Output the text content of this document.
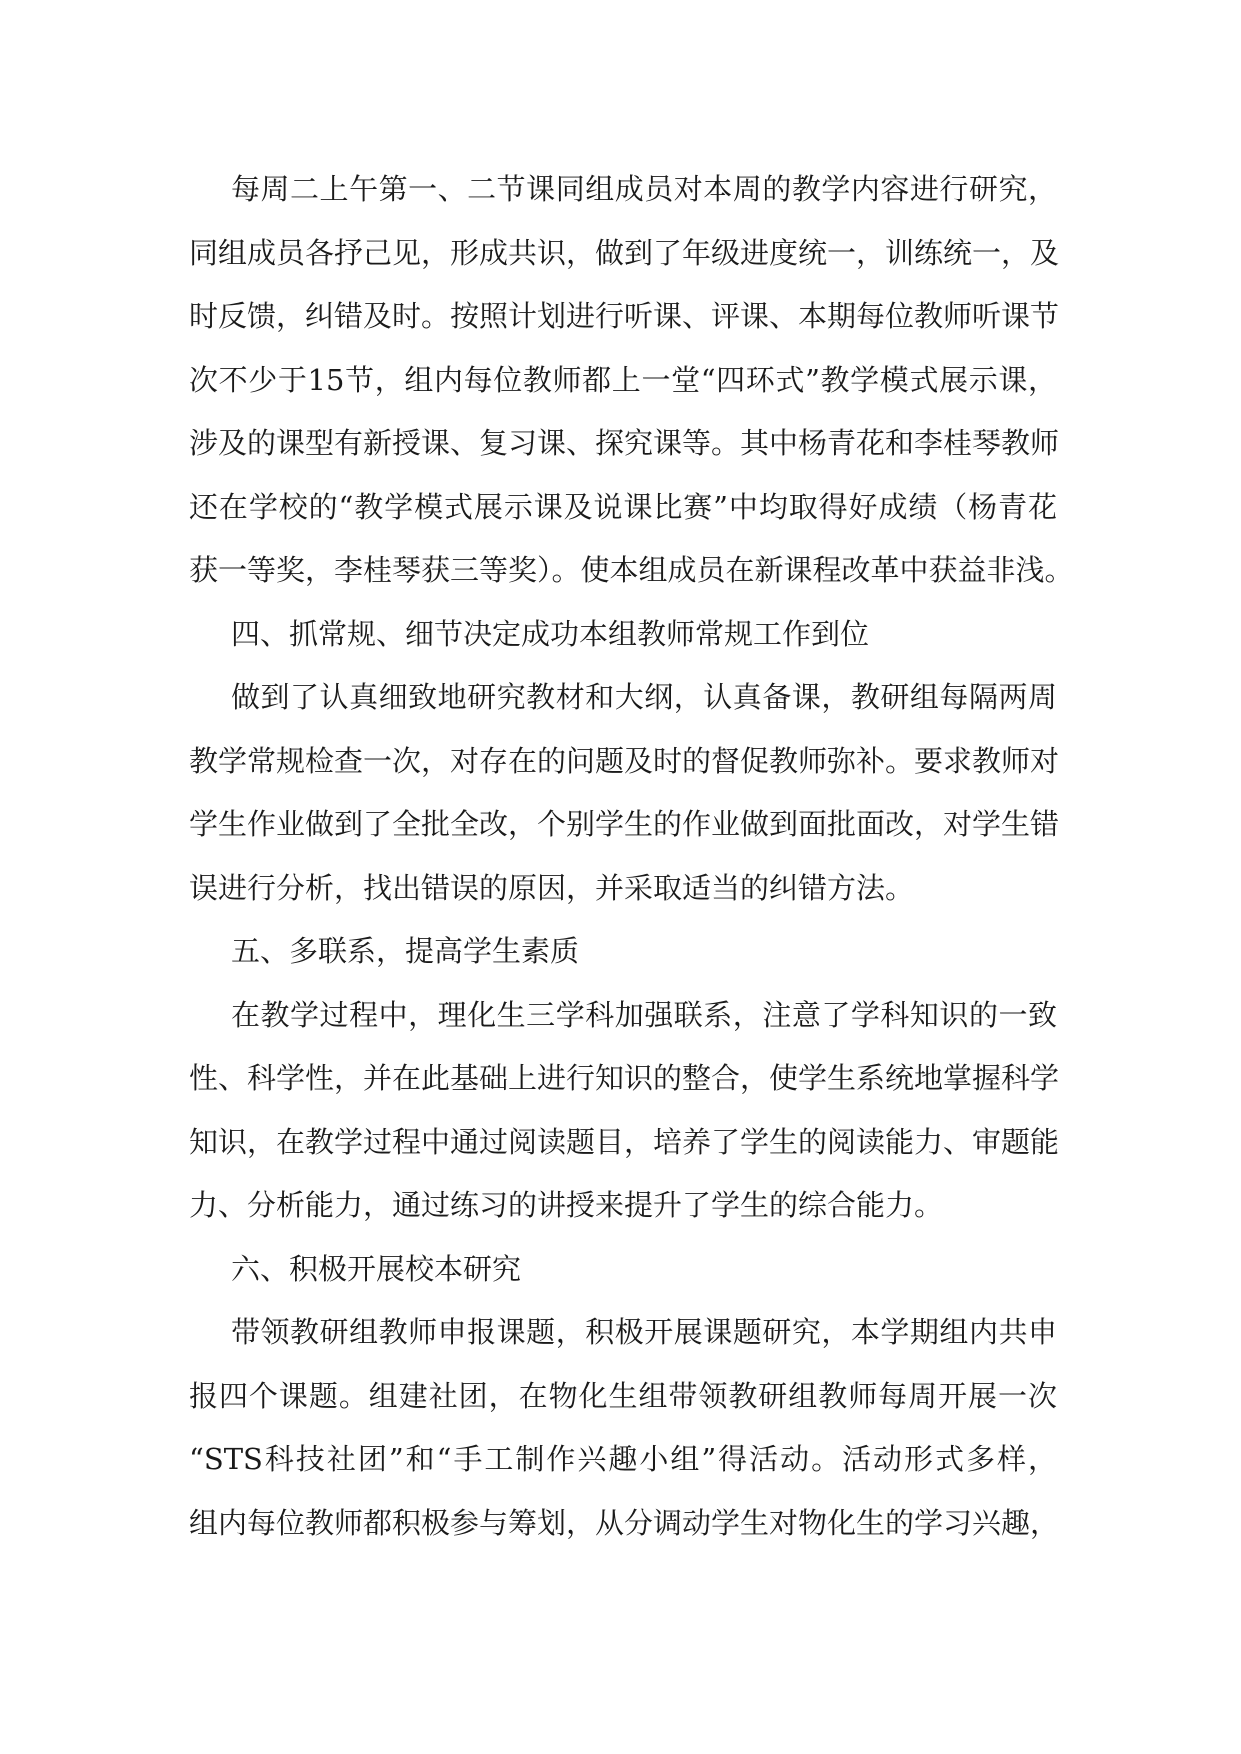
每周二上午第一、二节课同组成员对本周的教学内容进行研究，
同组成员各抒己见，形成共识，做到了年级进度统一，训练统一，及
时反馈，纠错及时。按照计划进行听课、评课、本期每位教师听课节
次不少于15节，组内每位教师都上一堂“四环式”教学模式展示课，
涉及的课型有新授课、复习课、探究课等。其中杨青花和李桂琴教师
还在学校的“教学模式展示课及说课比赛”中均取得好成绩（杨青花
获一等奖，李桂琴获三等奖）。使本组成员在新课程改革中获益非浅。
四、抓常规、细节决定成功本组教师常规工作到位
做到了认真细致地研究教材和大纲，认真备课，教研组每隔两周
教学常规检查一次，对存在的问题及时的督促教师弥补。要求教师对
学生作业做到了全批全改，个别学生的作业做到面批面改，对学生错
误进行分析，找出错误的原因，并采取适当的纠错方法。
五、多联系，提高学生素质
在教学过程中，理化生三学科加强联系，注意了学科知识的一致
性、科学性，并在此基础上进行知识的整合，使学生系统地掌握科学
知识，在教学过程中通过阅读题目，培养了学生的阅读能力、审题能
力、分析能力，通过练习的讲授来提升了学生的综合能力。
六、积极开展校本研究
带领教研组教师申报课题，积极开展课题研究，本学期组内共申
报四个课题。组建社团，在物化生组带领教研组教师每周开展一次
“STS科技社团”和“手工制作兴趣小组”得活动。活动形式多样，
组内每位教师都积极参与筹划，从分调动学生对物化生的学习兴趣，
